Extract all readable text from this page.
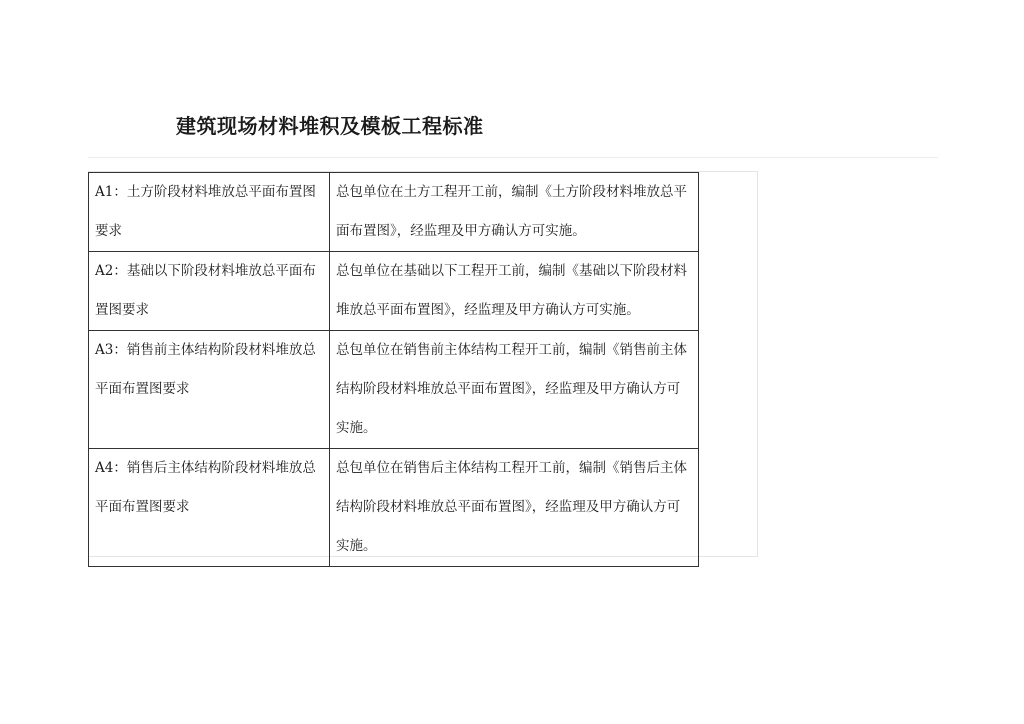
建筑现场材料堆积及模板工程标准
A1：土方阶段材料堆放总平面布置图要求	总包单位在土方工程开工前，编制《土方阶段材料堆放总平面布置图》，经监理及甲方确认方可实施。
A2：基础以下阶段材料堆放总平面布置图要求	总包单位在基础以下工程开工前，编制《基础以下阶段材料堆放总平面布置图》，经监理及甲方确认方可实施。
A3：销售前主体结构阶段材料堆放总平面布置图要求	总包单位在销售前主体结构工程开工前，编制《销售前主体结构阶段材料堆放总平面布置图》，经监理及甲方确认方可实施。
A4：销售后主体结构阶段材料堆放总平面布置图要求	总包单位在销售后主体结构工程开工前，编制《销售后主体结构阶段材料堆放总平面布置图》，经监理及甲方确认方可实施。
